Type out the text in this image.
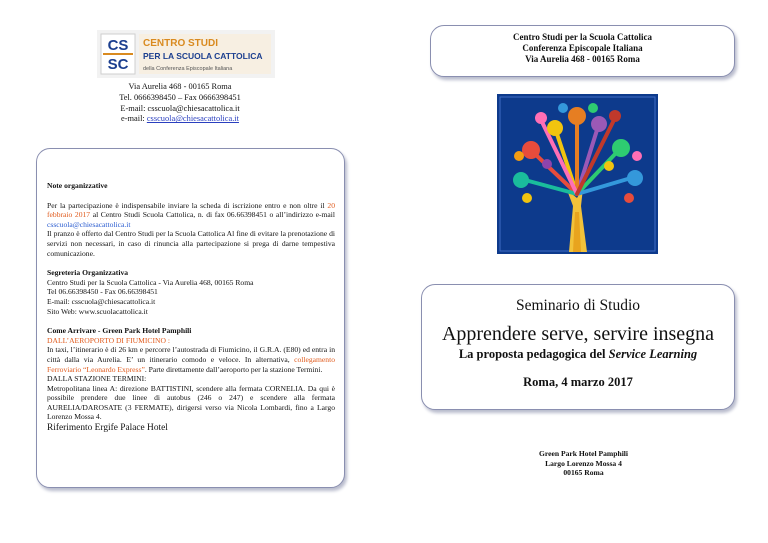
CS
SC
CENTRO STUDI
PER LA SCUOLA CATTOLICA
della Conferenza Episcopale Italiana
Via Aurelia 468 - 00165 Roma
Tel. 0666398450 – Fax 0666398451
E-mail: csscuola@chiesacattolica.it
e-mail: csscuola@chiesacattolica.it
Note organizzative
Per la partecipazione è indispensabile inviare la scheda di iscrizione entro e non oltre il 20 febbraio 2017 al Centro Studi Scuola Cattolica, n. di fax 06.66398451 o all’indirizzo e-mail csscuola@chiesacattolica.it
Il pranzo è offerto dal Centro Studi per la Scuola Cattolica Al fine di evitare la prenotazione di servizi non necessari, in caso di rinuncia alla partecipazione si prega di darne tempestiva comunicazione.
Segreteria Organizzativa
Centro Studi per la Scuola Cattolica - Via Aurelia 468, 00165 Roma
Tel 06.66398450 - Fax 06.66398451
E-mail: csscuola@chiesacattolica.it
Sito Web: www.scuolacattolica.it
Come Arrivare - Green Park Hotel Pamphili
DALL’AEROPORTO DI FIUMICINO :
In taxi, l’itinerario è di 26 km e percorre l’autostrada di Fiumicino, il G.R.A. (E80) ed entra in città dalla via Aurelia. E’ un itinerario comodo e veloce. In alternativa, collegamento Ferroviario “Leonardo Express”. Parte direttamente dall’aeroporto per la stazione Termini.
DALLA STAZIONE TERMINI:
Metropolitana linea A: direzione BATTISTINI, scendere alla fermata CORNELIA. Da qui è possibile prendere due linee di autobus (246 o 247) e scendere alla fermata AURELIA/DAROSATE (3 FERMATE), dirigersi verso via Nicola Lombardi, fino a Largo Lorenzo Mossa 4.
Riferimento Ergife Palace Hotel
Centro Studi per la Scuola Cattolica
Conferenza Episcopale Italiana
Via Aurelia 468 - 00165 Roma
Seminario di Studio
Apprendere serve, servire insegna
La proposta pedagogica del Service Learning
Roma, 4 marzo 2017
Green Park Hotel Pamphili
Largo Lorenzo Mossa 4
00165 Roma
